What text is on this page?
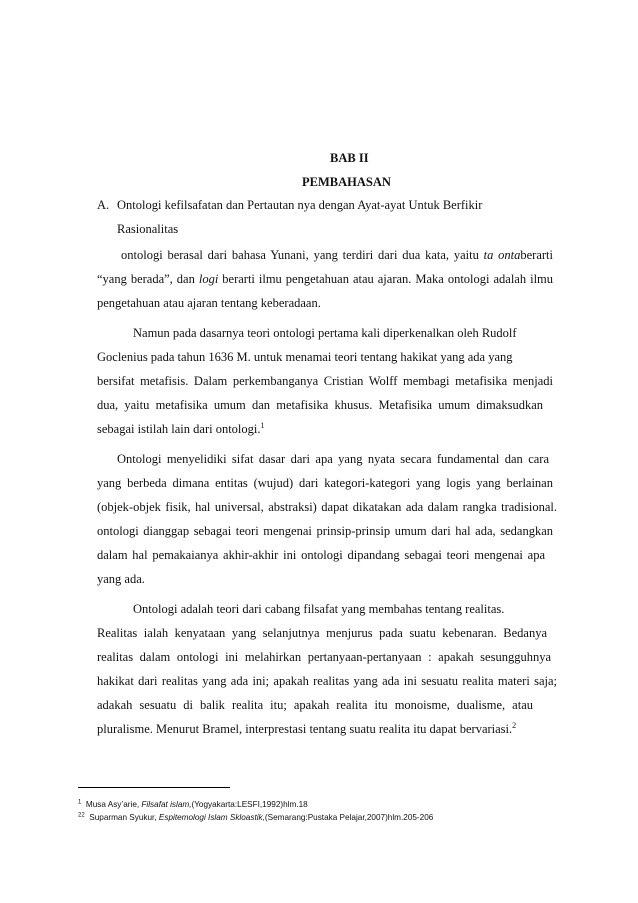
BAB II
PEMBAHASAN
A. Ontologi kefilsafatan dan Pertautan nya dengan Ayat-ayat Untuk Berfikir
Rasionalitas
ontologi berasal dari bahasa Yunani, yang terdiri dari dua kata, yaitu ta ontaberarti
“yang berada”, dan logi berarti ilmu pengetahuan atau ajaran. Maka ontologi adalah ilmu
pengetahuan atau ajaran tentang keberadaan.
Namun pada dasarnya teori ontologi pertama kali diperkenalkan oleh Rudolf
Goclenius pada tahun 1636 M. untuk menamai teori tentang hakikat yang ada yang
bersifat metafisis. Dalam perkembanganya Cristian Wolff membagi metafisika menjadi
dua, yaitu metafisika umum dan metafisika khusus. Metafisika umum dimaksudkan
sebagai istilah lain dari ontologi.$^1$
Ontologi menyelidiki sifat dasar dari apa yang nyata secara fundamental dan cara
yang berbeda dimana entitas (wujud) dari kategori-kategori yang logis yang berlainan
(objek-objek fisik, hal universal, abstraksi) dapat dikatakan ada dalam rangka tradisional.
ontologi dianggap sebagai teori mengenai prinsip-prinsip umum dari hal ada, sedangkan
dalam hal pemakaianya akhir-akhir ini ontologi dipandang sebagai teori mengenai apa
yang ada.
Ontologi adalah teori dari cabang filsafat yang membahas tentang realitas.
Realitas ialah kenyataan yang selanjutnya menjurus pada suatu kebenaran. Bedanya
realitas dalam ontologi ini melahirkan pertanyaan-pertanyaan : apakah sesungguhnya
hakikat dari realitas yang ada ini; apakah realitas yang ada ini sesuatu realita materi saja;
adakah sesuatu di balik realita itu; apakah realita itu monoisme, dualisme, atau
pluralisme. Menurut Bramel, interprestasi tentang suatu realita itu dapat bervariasi.$^2$
$^1$ Musa Asy’arie, Filsafat islam,(Yogyakarta:LESFI,1992)hlm.18
$^{22}$ Suparman Syukur, Espitemologi Islam Skloastik,(Semarang:Pustaka Pelajar,2007)hlm.205-206
